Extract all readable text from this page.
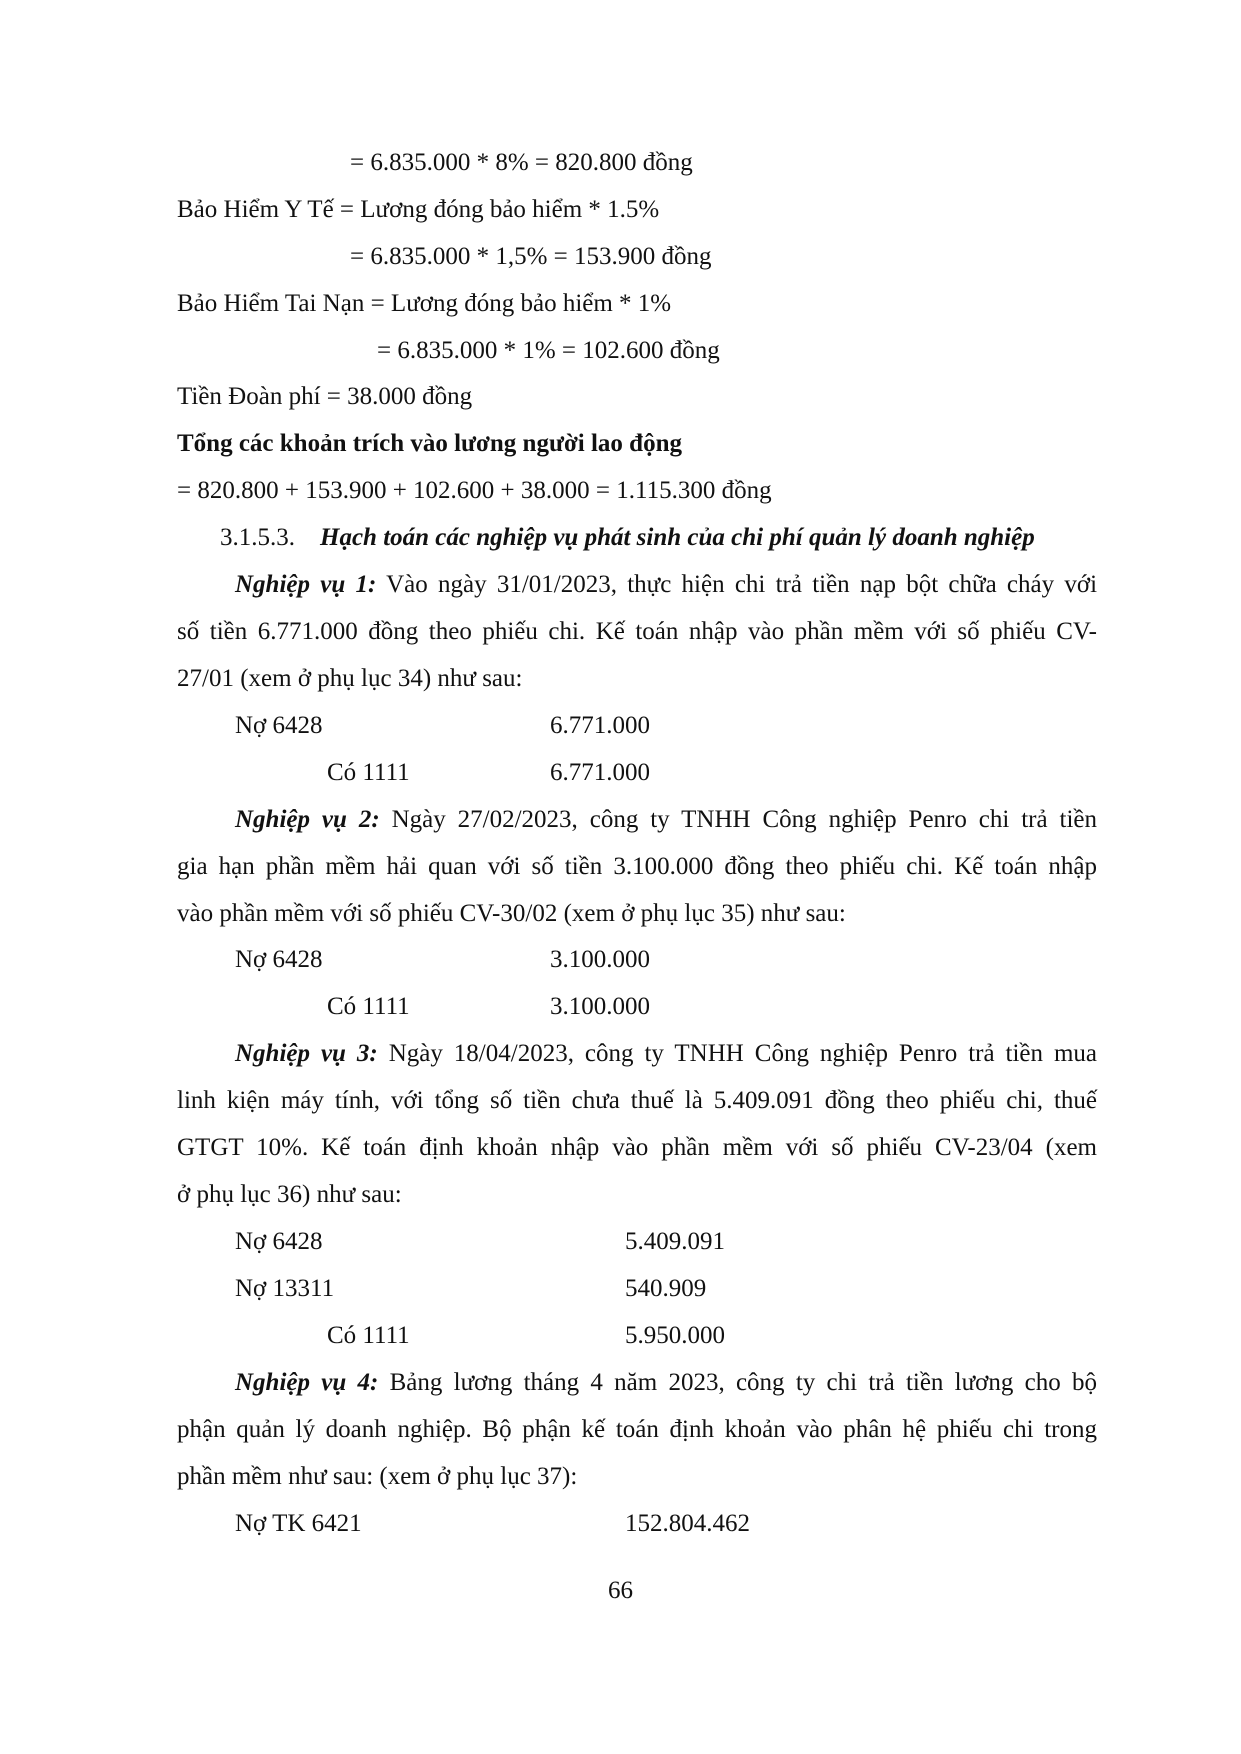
= 6.835.000 * 8% = 820.800 đồng
Bảo Hiểm Y Tế = Lương đóng bảo hiểm * 1.5%
= 6.835.000 * 1,5% = 153.900 đồng
Bảo Hiểm Tai Nạn = Lương đóng bảo hiểm * 1%
= 6.835.000 * 1% = 102.600 đồng
Tiền Đoàn phí = 38.000 đồng
Tổng các khoản trích vào lương người lao động
= 820.800 + 153.900 + 102.600 + 38.000 = 1.115.300 đồng
3.1.5.3. Hạch toán các nghiệp vụ phát sinh của chi phí quản lý doanh nghiệp
Nghiệp vụ 1: Vào ngày 31/01/2023, thực hiện chi trả tiền nạp bột chữa cháy với
số tiền 6.771.000 đồng theo phiếu chi. Kế toán nhập vào phần mềm với số phiếu CV-
27/01 (xem ở phụ lục 34) như sau:
Nợ 6428	6.771.000
Có 1111	6.771.000
Nghiệp vụ 2: Ngày 27/02/2023, công ty TNHH Công nghiệp Penro chi trả tiền
gia hạn phần mềm hải quan với số tiền 3.100.000 đồng theo phiếu chi. Kế toán nhập
vào phần mềm với số phiếu CV-30/02 (xem ở phụ lục 35) như sau:
Nợ 6428	3.100.000
Có 1111	3.100.000
Nghiệp vụ 3: Ngày 18/04/2023, công ty TNHH Công nghiệp Penro trả tiền mua
linh kiện máy tính, với tổng số tiền chưa thuế là 5.409.091 đồng theo phiếu chi, thuế
GTGT 10%. Kế toán định khoản nhập vào phần mềm với số phiếu CV-23/04 (xem
ở phụ lục 36) như sau:
Nợ 6428	5.409.091
Nợ 13311	540.909
Có 1111	5.950.000
Nghiệp vụ 4: Bảng lương tháng 4 năm 2023, công ty chi trả tiền lương cho bộ
phận quản lý doanh nghiệp. Bộ phận kế toán định khoản vào phân hệ phiếu chi trong
phần mềm như sau: (xem ở phụ lục 37):
Nợ TK 6421	152.804.462
66
